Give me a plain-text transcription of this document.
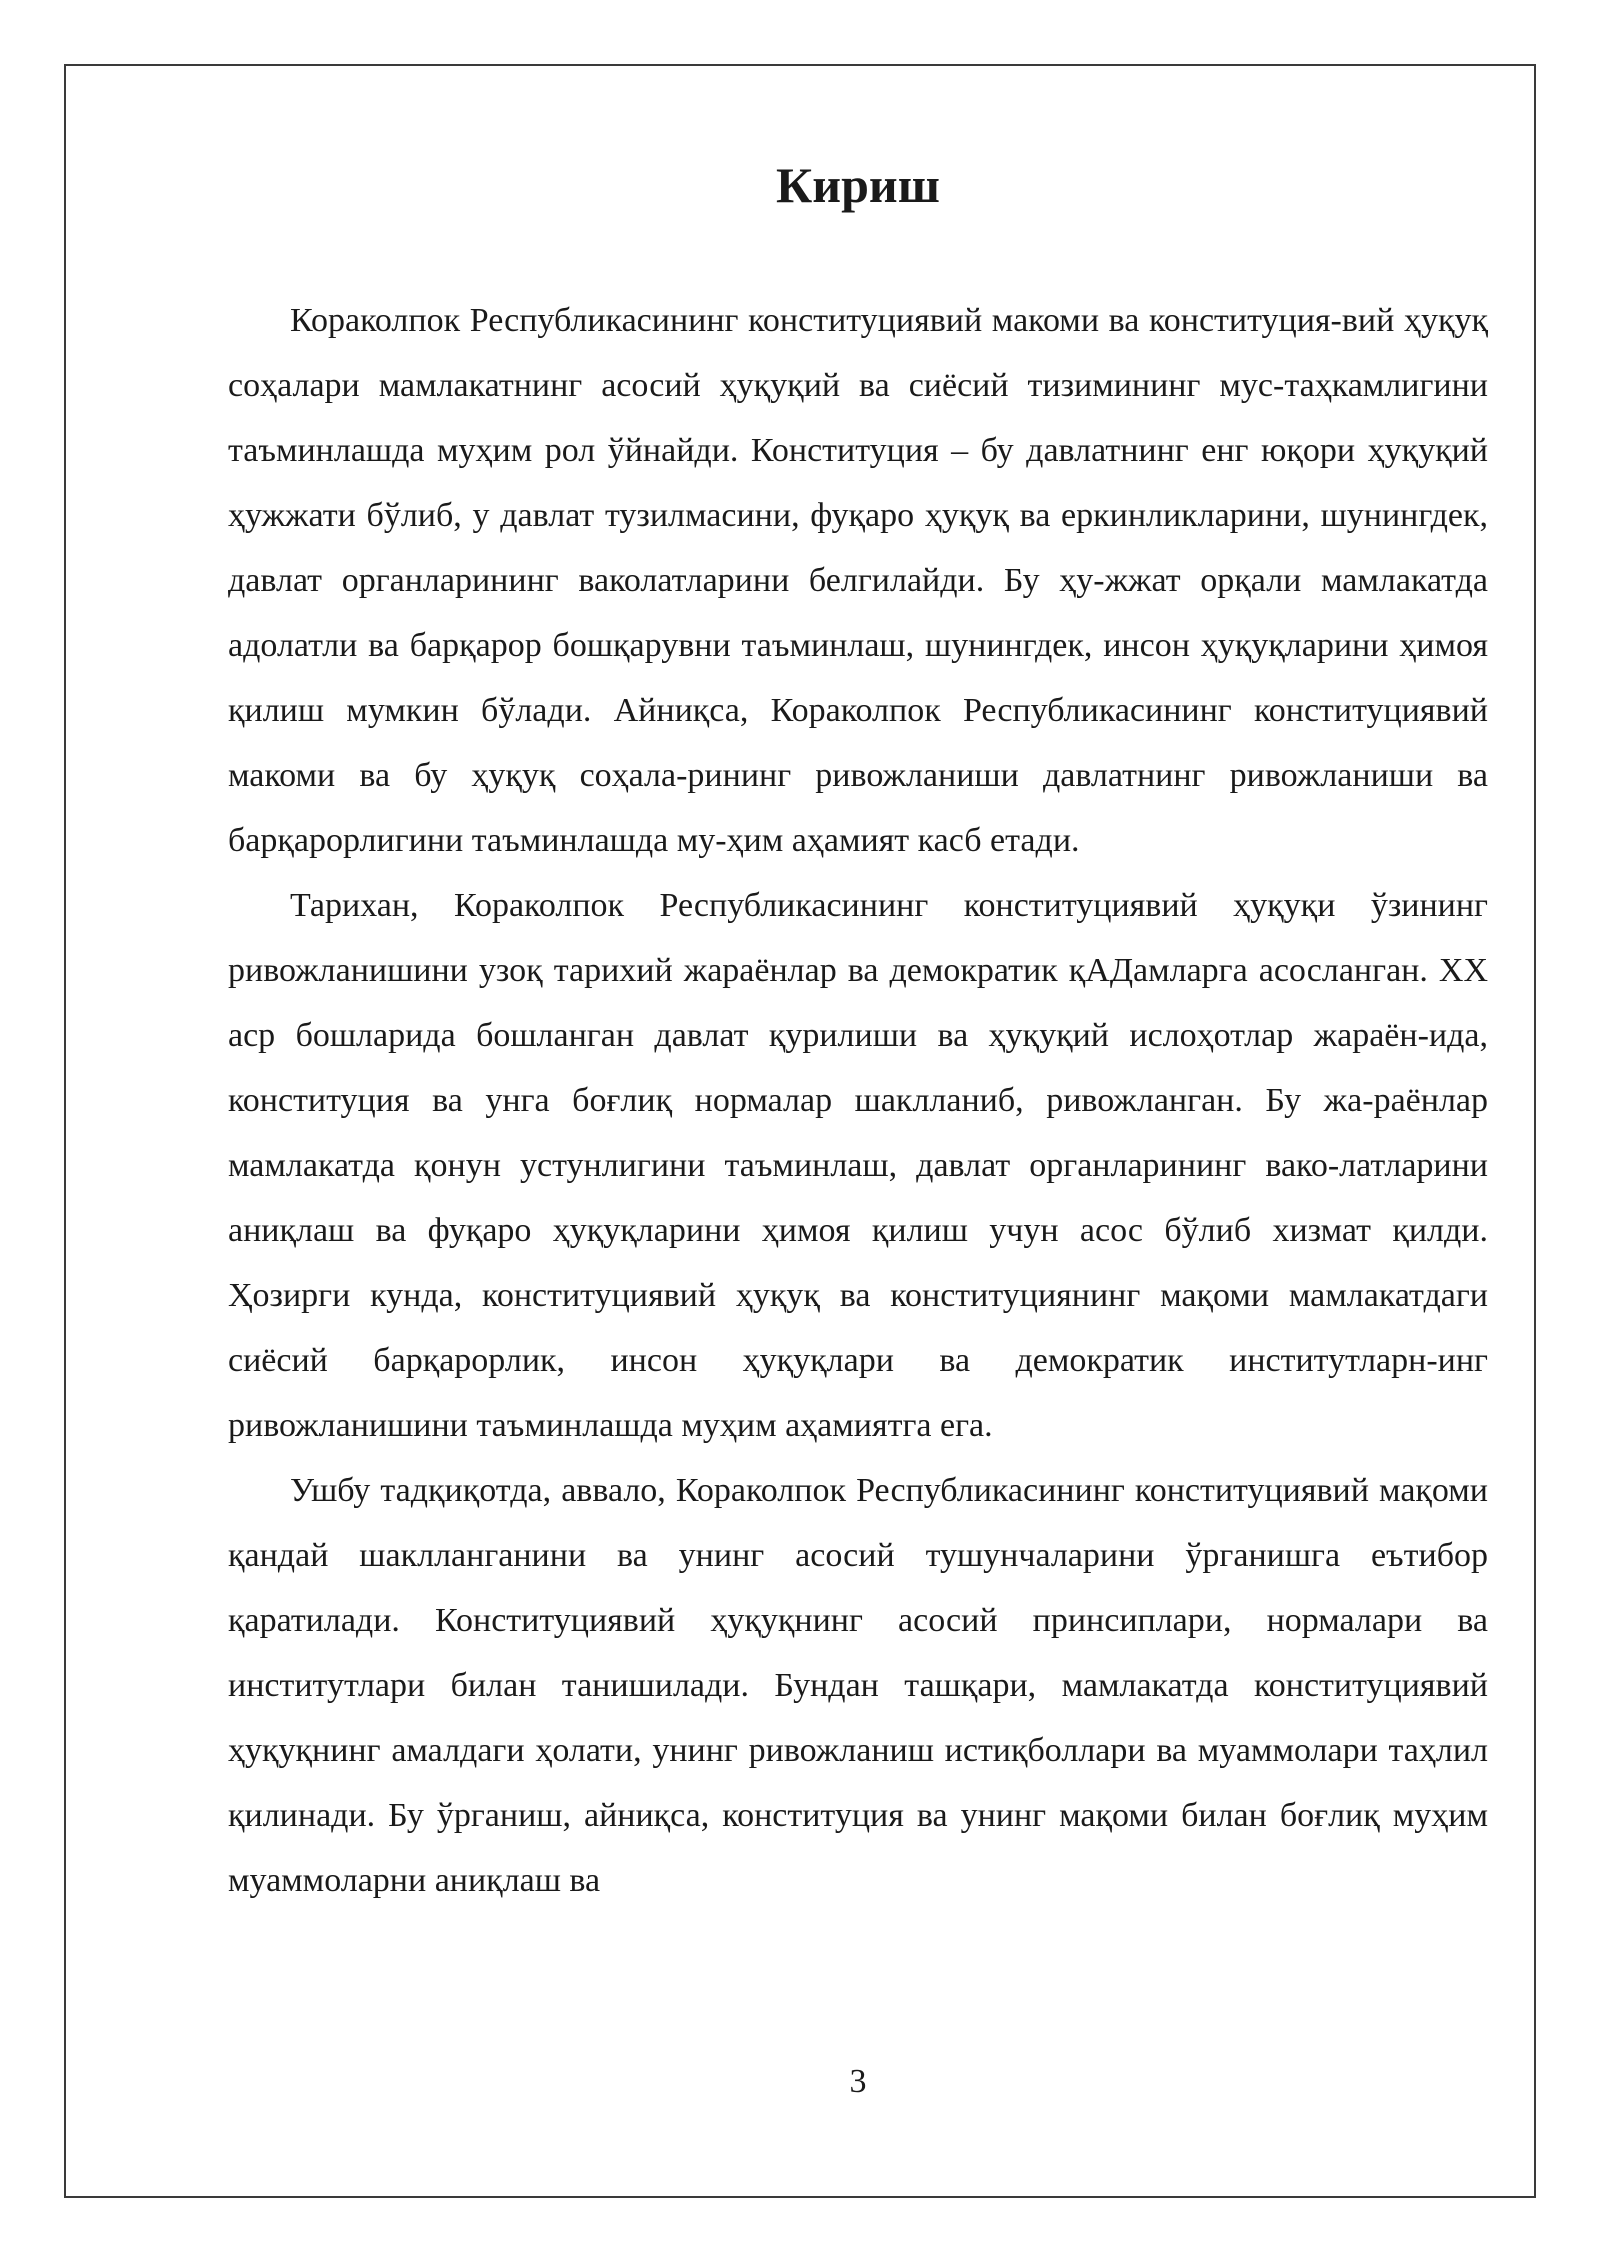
Кириш

Кораколпок Республикасининг конституциявий макоми ва конституция-вий ҳуқуқ соҳалари мамлакатнинг асосий ҳуқуқий ва сиёсий тизимининг мус-таҳкамлигини таъминлашда муҳим рол ўйнайди. Конституция – бу давлатнинг енг юқори ҳуқуқий ҳужжати бўлиб, у давлат тузилмасини, фуқаро ҳуқуқ ва еркинликларини, шунингдек, давлат органларининг ваколатларини белгилайди. Бу ҳу-жжат орқали мамлакатда адолатли ва барқарор бошқарувни таъминлаш, шунингдек, инсон ҳуқуқларини ҳимоя қилиш мумкин бўлади. Айниқса, Кораколпок Республикасининг конституциявий макоми ва бу ҳуқуқ соҳала-рининг ривожланиши давлатнинг ривожланиши ва барқарорлигини таъминлашда му-ҳим аҳамият касб етади.

Тарихан, Кораколпок Республикасининг конституциявий ҳуқуқи ўзининг ривожланишини узоқ тарихий жараёнлар ва демократик қАДамларга асосланган. XX аср бошларида бошланган давлат қурилиши ва ҳуқуқий ислоҳотлар жараён-ида, конституция ва унга боғлиқ нормалар шаклланиб, ривожланган. Бу жа-раёнлар мамлакатда қонун устунлигини таъминлаш, давлат органларининг вако-латларини аниқлаш ва фуқаро ҳуқуқларини ҳимоя қилиш учун асос бўлиб хизмат қилди. Ҳозирги кунда, конституциявий ҳуқуқ ва конституциянинг мақоми мамлакатдаги сиёсий барқарорлик, инсон ҳуқуқлари ва демократик институтларн-инг ривожланишини таъминлашда муҳим аҳамиятга ега.

Ушбу тадқиқотда, аввало, Кораколпок Республикасининг конституциявий мақоми қандай шаклланганини ва унинг асосий тушунчаларини ўрганишга еътибор қаратилади. Конституциявий ҳуқуқнинг асосий принсиплари, нормалари ва институтлари билан танишилади. Бундан ташқари, мамлакатда конституциявий ҳуқуқнинг амалдаги ҳолати, унинг ривожланиш истиқболлари ва муаммолари таҳлил қилинади. Бу ўрганиш, айниқса, конституция ва унинг мақоми билан боғлиқ муҳим муаммоларни аниқлаш ва

3
